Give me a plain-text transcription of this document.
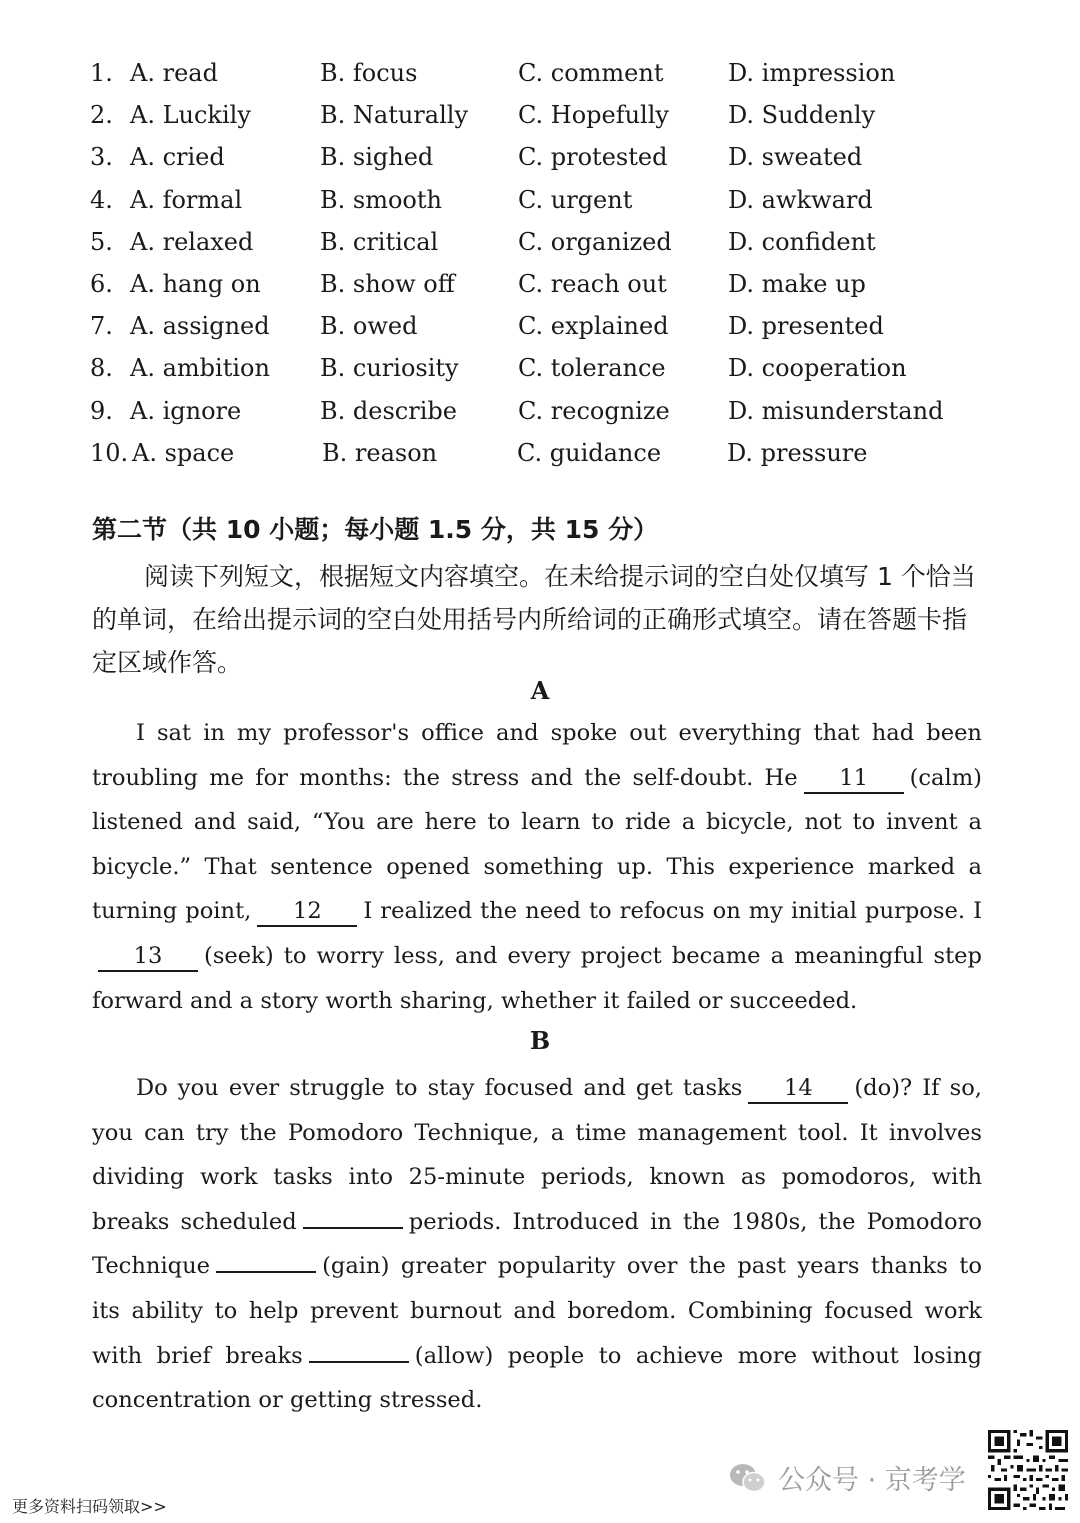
1. A. read	B. focus	C. comment	D. impression
2. A. Luckily	B. Naturally C. Hopefully D. Suddenly
3. A. cried	B. sighed	C. protested	D. sweated
4. A. formal	B. smooth	C. urgent	D. awkward
5. A. relaxed	B. critical	C. organized D. confident
6. A. hang on B. show off	C. reach out	D. make up
7. A. assigned B. owed	C. explained D. presented
8. A. ambition B. curiosity C. tolerance	D. cooperation
9. A. ignore	B. describe	C. recognize D. misunderstand
10. A. space	B. reason	C. guidance	D. pressure
第二节（共 10 小题；每小题 1.5 分，共 15 分）
阅读下列短文，根据短文内容填空。在未给提示词的空白处仅填写 1 个恰当的单词，在给出提示词的空白处用括号内所给词的正确形式填空。请在答题卡指定区域作答。
A

I sat in my professor's office and spoke out everything that had been troubling me for months: the stress and the self-doubt. He 11 (calm) listened and said, “You are here to learn to ride a bicycle, not to invent a bicycle.” That sentence opened something up. This experience marked a turning point, 12 I realized the need to refocus on my initial purpose. I13 (seek) to worry less, and every project became a meaningful step forward and a story worth sharing, whether it failed or succeeded.

B

Do you ever struggle to stay focused and get tasks 14 (do)? If so, you can try the Pomodoro Technique, a time management tool. It involves dividing work tasks into 25-minute periods, known as pomodoros, with breaks scheduled	periods. Introduced in the 1980s, the Pomodoro Technique	(gain) greater popularity over the past years thanks to its ability to help prevent burnout and boredom. Combining focused work with brief breaks	(allow) people to achieve more without losing concentration or getting stressed.

更多资料扫码领取>>
公众号 · 京考学
